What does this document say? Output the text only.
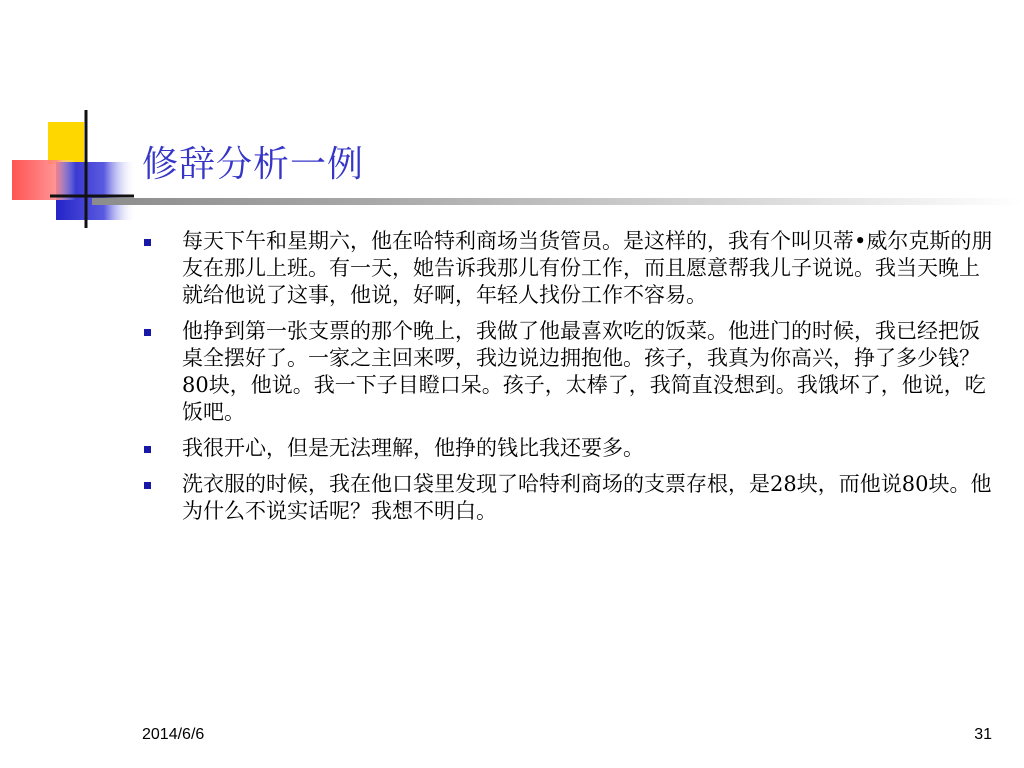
修辞分析一例
每天下午和星期六，他在哈特利商场当货管员。是这样的，我有个叫贝蒂•威尔克斯的朋友在那儿上班。有一天，她告诉我那儿有份工作，而且愿意帮我儿子说说。我当天晚上就给他说了这事，他说，好啊，年轻人找份工作不容易。
他挣到第一张支票的那个晚上，我做了他最喜欢吃的饭菜。他进门的时候，我已经把饭桌全摆好了。一家之主回来啰，我边说边拥抱他。孩子，我真为你高兴，挣了多少钱？80块，他说。我一下子目瞪口呆。孩子，太棒了，我简直没想到。我饿坏了，他说，吃饭吧。
我很开心，但是无法理解，他挣的钱比我还要多。
洗衣服的时候，我在他口袋里发现了哈特利商场的支票存根，是28块，而他说80块。他为什么不说实话呢？我想不明白。
2014/6/6	31
